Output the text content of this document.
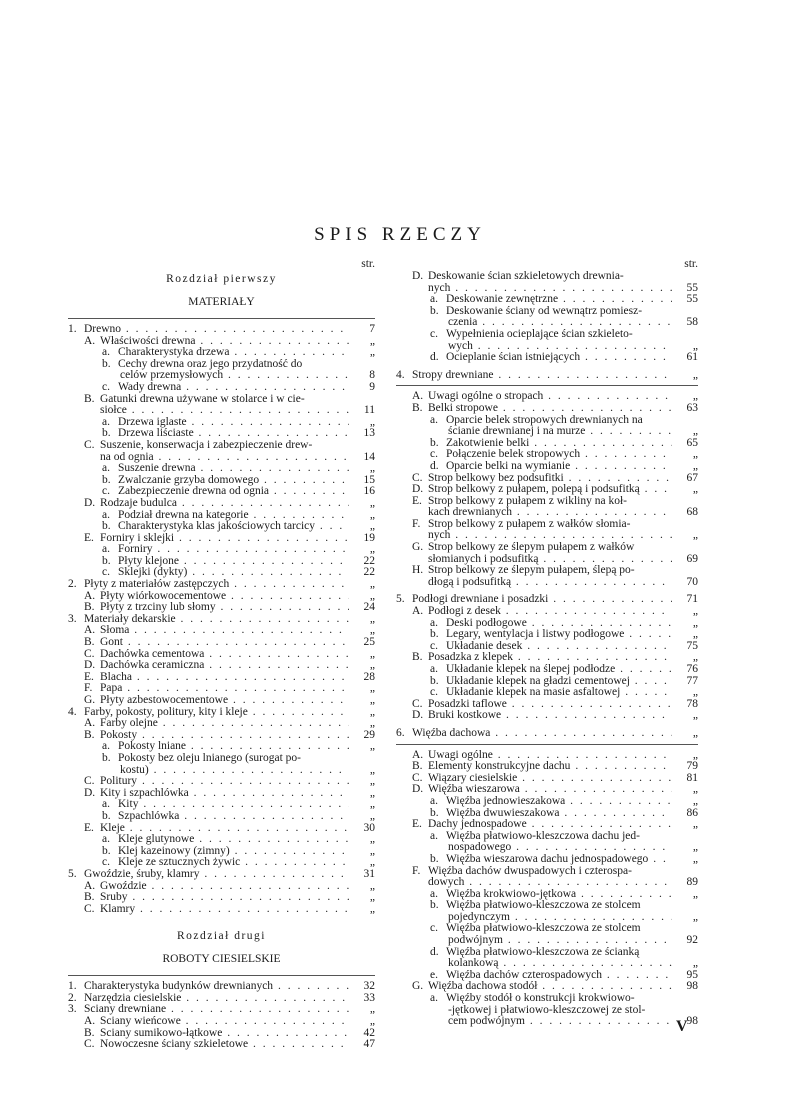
SPIS RZECZY
str.
Rozdział pierwszy
MATERIAŁY
1. Drewno . . .	7
A. Właściwości drewna . . .	„
a. Charakterystyka drzewa . . .	„
b. Cechy drewna oraz jego przydatność do
celów przemysłowych . . .	8
c. Wady drewna . . .	9
B. Gatunki drewna używane w stolarce i w cie-
siołce . . .	11
a. Drzewa iglaste . . .	„
b. Drzewa liściaste . . .	13
C. Suszenie, konserwacja i zabezpieczenie drew-
na od ognia . . .	14
a. Suszenie drewna . . .	„
b. Zwalczanie grzyba domowego . . .	15
c. Zabezpieczenie drewna od ognia . . .	16
D. Rodzaje budulca . . .	„
a. Podział drewna na kategorie . . .	„
b. Charakterystyka klas jakościowych tarcicy . . .	„
E. Fornirу i sklejki . . .	19
a. Forniry . . .	„
b. Płyty klejone . . .	22
c. Sklejki (dykty) . . .	22
2. Płyty z materiałów zastępczych . . .	„
A. Płyty wiórkowocementowe . . .	„
B. Płyty z trzciny lub słomy . . .	24
3. Materiały dekarskie . . .	„
A. Słoma . . .	„
B. Gont . . .	25
C. Dachówka cementowa . . .	„
D. Dachówka ceramiczna . . .	„
E. Blacha . . .	28
F. Papa . . .	„
G. Płyty azbestowocementowe . . .	„
4. Farby, pokosty, politury, kity i kleje . . .	„
A. Farby olejne . . .	„
B. Pokosty . . .	29
a. Pokosty lniane . . .	„
b. Pokosty bez oleju lnianego (surogat po-
kostu) . . .	„
C. Politury . . .	„
D. Kity i szpachlówka . . .	„
a. Kity . . .	„
b. Szpachlówka . . .	„
E. Kleje . . .	30
a. Kleje glutynowe . . .	„
b. Klej kazeinowy (zimny) . . .	„
c. Kleje ze sztucznych żywic . . .	„
5. Gwoździe, śruby, klamry . . .	31
A. Gwoździe . . .	„
B. Śruby . . .	„
C. Klamry . . .	„
Rozdział drugi
ROBOTY CIESIELSKIE
1. Charakterystyka budynków drewnianych . . .	32
2. Narzędzia ciesielskie . . .	33
3. Ściany drewniane . . .	„
A. Ściany wieńcowe . . .	„
B. Ściany sumikowo-łątkowe . . .	42
C. Nowoczesne ściany szkieletowe . . .	47
str.
D. Deskowanie ścian szkieletowych drewnia-
nych . . .	55
a. Deskowanie zewnętrzne . . .	55
b. Deskowanie ściany od wewnątrz pomiesz-
czenia . . .	58
c. Wypełnienia ocieplające ścian szkieleto-
wych . . .	„
d. Ocieplanie ścian istniejących . . .	61
4. Stropy drewniane . . .	„
A. Uwagi ogólne o stropach . . .	„
B. Belki stropowe . . .	63
a. Oparcie belek stropowych drewnianych na
ścianie drewnianej i na murze . . .	„
b. Zakotwienie belki . . .	65
c. Połączenie belek stropowych . . .	„
d. Oparcie belki na wymianie . . .	„
C. Strop belkowy bez podsufitki . . .	67
D. Strop belkowy z pułapem, polepą i podsufitką . . .	„
E. Strop belkowy z pułapem z wikliny na koł-
kach drewnianych . . .	68
F. Strop belkowy z pułapem z wałków słomia-
nych . . .	„
G. Strop belkowy ze ślepym pułapem z wałków
słomianych i podsufitką . . .	69
H. Strop belkowy ze ślepym pułapem, ślepą po-
dłogą i podsufitką . . .	70
5. Podłogi drewniane i posadzki . . .	71
A. Podłogi z desek . . .	„
a. Deski podłogowe . . .	„
b. Legary, wentylacja i listwy podłogowe . . .	„
c. Układanie desek . . .	75
B. Posadzka z klepek . . .	„
a. Układanie klepek na ślepej podłodze . . .	76
b. Układanie klepek na gładzi cementowej . . .	77
c. Układanie klepek na masie asfaltowej . . .	„
C. Posadzki taflowe . . .	78
D. Bruki kostkowe . . .	„
6. Więźba dachowa . . .	„
A. Uwagi ogólne . . .	„
B. Elementy konstrukcyjne dachu . . .	79
C. Wiązary ciesielskie . . .	81
D. Więźba wieszarowa . . .	„
a. Więźba jednowieszakowa . . .	„
b. Więźba dwuwieszakowa . . .	86
E. Dachy jednospadowe . . .	„
a. Więźba płatwiowo-kleszczowa dachu jed-
nospadowego . . .	„
b. Więźba wieszarowa dachu jednospadowego . . .	„
F. Więźba dachów dwuspadowych i czterospa-
dowych . . .	89
a. Więźba krokwiowo-jętkowa . . .	„
b. Więźba płatwiowo-kleszczowa ze stolcem
pojedynczym . . .	„
c. Więźba płatwiowo-kleszczowa ze stolcem
podwójnym . . .	92
d. Więźba płatwiowo-kleszczowa ze ścianką
kolankową . . .	„
e. Więźba dachów czterospadowych . . .	95
G. Więźba dachowa stodół . . .	98
a. Więźby stodół o konstrukcji krokwiowo-
-jętkowej i płatwiowo-kleszczowej ze stol-
cem podwójnym . . .	98
V
